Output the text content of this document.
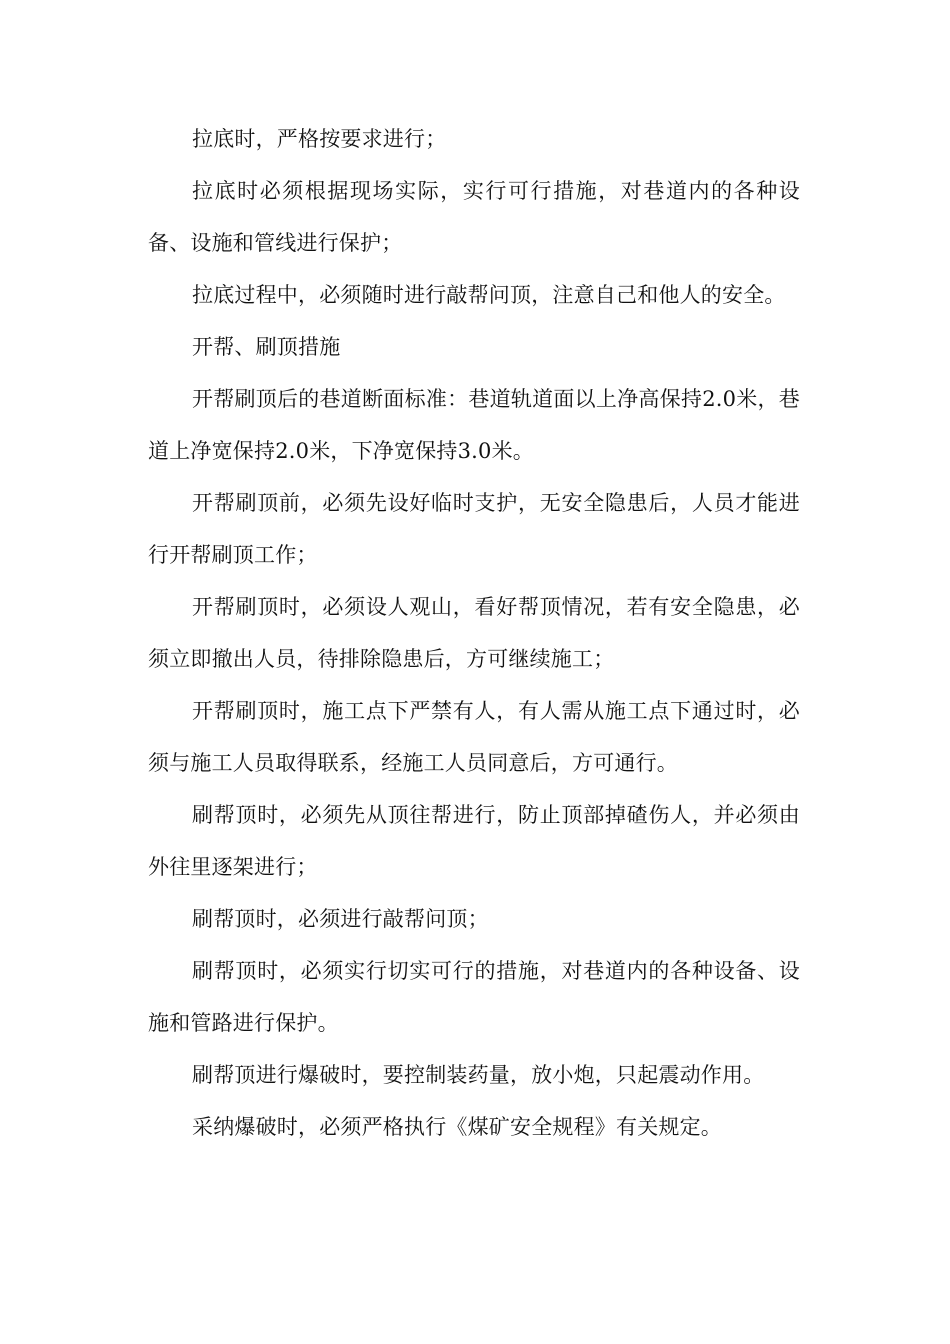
拉底时，严格按要求进行；

拉底时必须根据现场实际，实行可行措施，对巷道内的各种设备、设施和管线进行保护；

拉底过程中，必须随时进行敲帮问顶，注意自己和他人的安全。

开帮、刷顶措施

开帮刷顶后的巷道断面标准：巷道轨道面以上净高保持2.0米，巷道上净宽保持2.0米，下净宽保持3.0米。

开帮刷顶前，必须先设好临时支护，无安全隐患后，人员才能进行开帮刷顶工作；

开帮刷顶时，必须设人观山，看好帮顶情况，若有安全隐患，必须立即撤出人员，待排除隐患后，方可继续施工；

开帮刷顶时，施工点下严禁有人，有人需从施工点下通过时，必须与施工人员取得联系，经施工人员同意后，方可通行。

刷帮顶时，必须先从顶往帮进行，防止顶部掉碴伤人，并必须由外往里逐架进行；

刷帮顶时，必须进行敲帮问顶；

刷帮顶时，必须实行切实可行的措施，对巷道内的各种设备、设施和管路进行保护。

刷帮顶进行爆破时，要控制装药量，放小炮，只起震动作用。

采纳爆破时，必须严格执行《煤矿安全规程》有关规定。
